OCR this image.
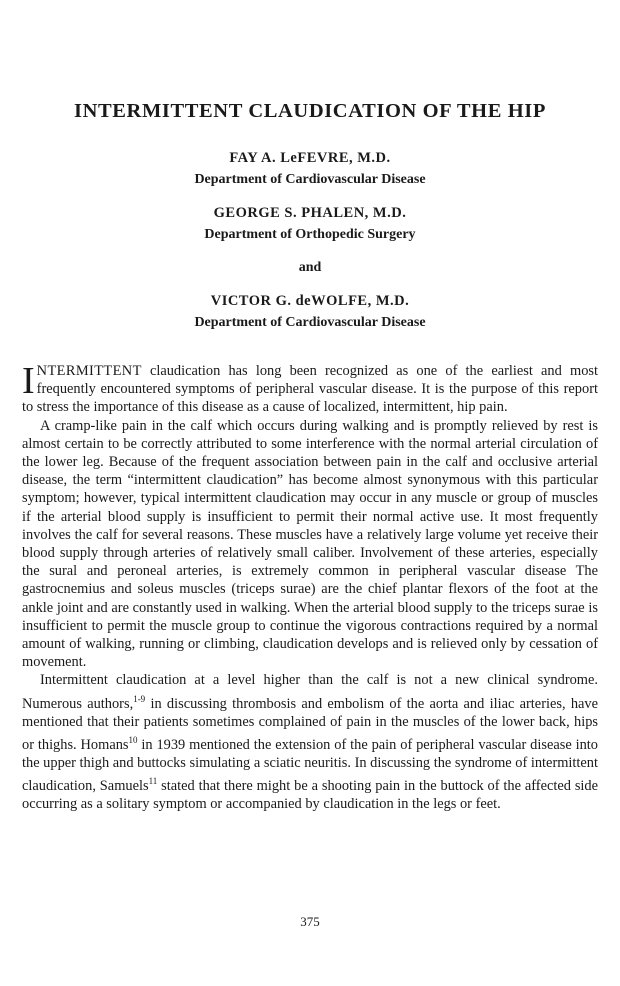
INTERMITTENT CLAUDICATION OF THE HIP

FAY A. LeFEVRE, M.D.

Department of Cardiovascular Disease

GEORGE S. PHALEN, M.D.

Department of Orthopedic Surgery

and

VICTOR G. deWOLFE, M.D.

Department of Cardiovascular Disease

INTERMITTENT claudication has long been recognized as one of the earliest and most frequently encountered symptoms of peripheral vascular disease. It is the purpose of this report to stress the importance of this disease as a cause of localized, intermittent, hip pain.

A cramp-like pain in the calf which occurs during walking and is promptly relieved by rest is almost certain to be correctly attributed to some interference with the normal arterial circulation of the lower leg. Because of the frequent association between pain in the calf and occlusive arterial disease, the term “intermittent claudication” has become almost synonymous with this particular symptom; however, typical intermittent claudication may occur in any muscle or group of muscles if the arterial blood supply is insufficient to permit their normal active use. It most frequently involves the calf for several reasons. These muscles have a relatively large volume yet receive their blood supply through arteries of relatively small caliber. Involvement of these arteries, especially the sural and peroneal arteries, is extremely common in peripheral vascular disease The gastrocnemius and soleus muscles (triceps surae) are the chief plantar flexors of the foot at the ankle joint and are constantly used in walking. When the arterial blood supply to the triceps surae is insufficient to permit the muscle group to continue the vigorous contractions required by a normal amount of walking, running or climbing, claudication develops and is relieved only by cessation of movement.

Intermittent claudication at a level higher than the calf is not a new clinical syndrome. Numerous authors,$^{1-9}$ in discussing thrombosis and embolism of the aorta and iliac arteries, have mentioned that their patients sometimes complained of pain in the muscles of the lower back, hips or thighs. Homans$^{10}$ in 1939 mentioned the extension of the pain of peripheral vascular disease into the upper thigh and buttocks simulating a sciatic neuritis. In discussing the syndrome of intermittent claudication, Samuels$^{11}$ stated that there might be a shooting pain in the buttock of the affected side occurring as a solitary symptom or accompanied by claudication in the legs or feet.

375
